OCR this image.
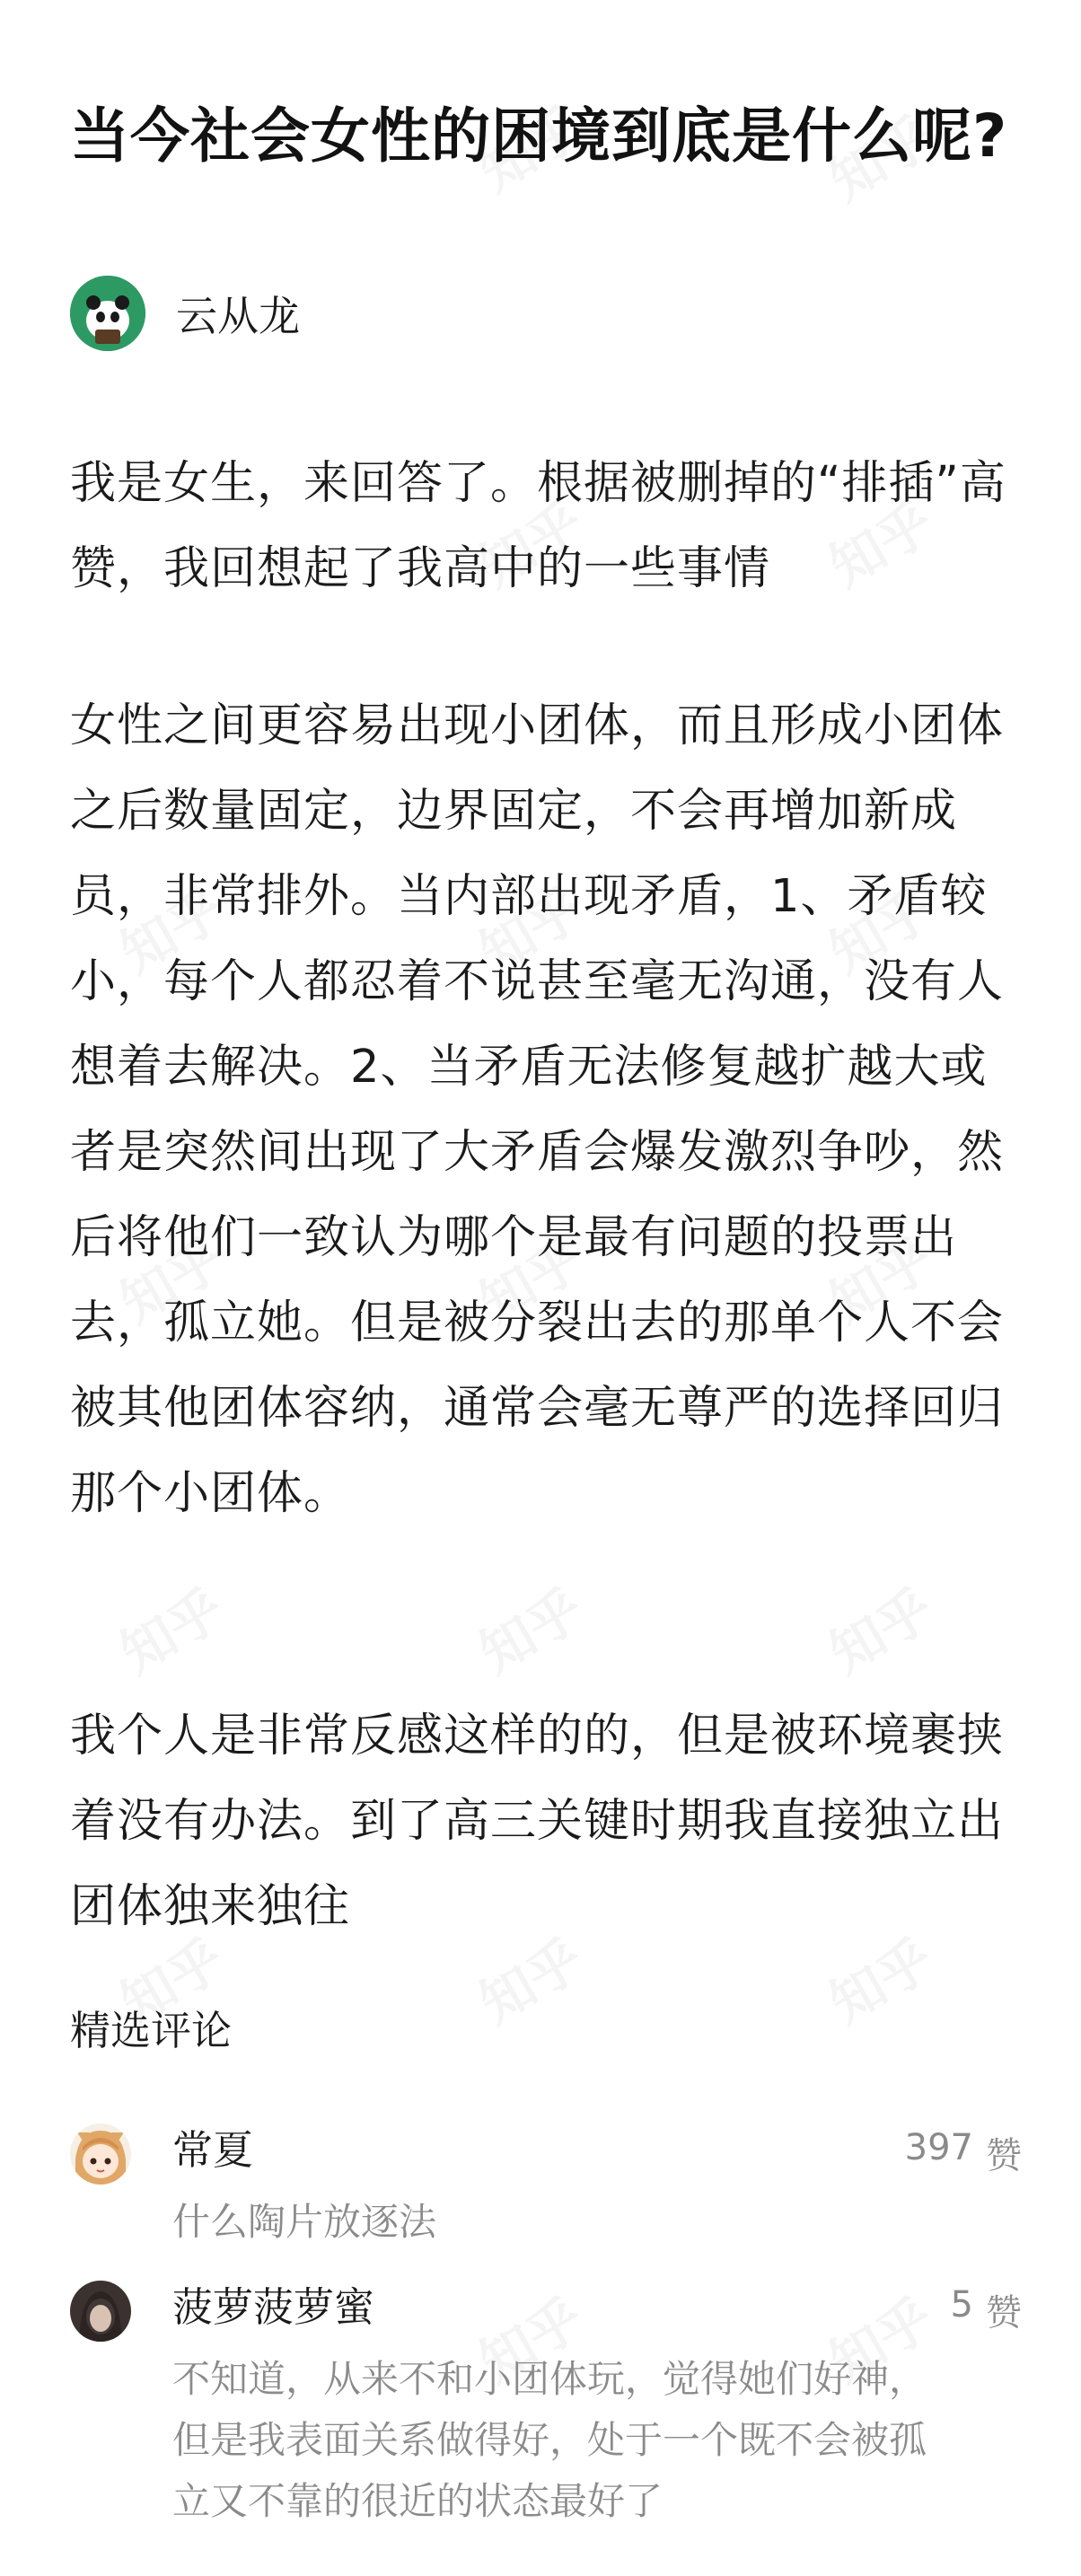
当今社会女性的困境到底是什么呢?
云从龙

我是女生，来回答了。根据被删掉的“排插”高赞，我回想起了我高中的一些事情

女性之间更容易出现小团体，而且形成小团体之后数量固定，边界固定，不会再增加新成员，非常排外。当内部出现矛盾，1、矛盾较小，每个人都忍着不说甚至毫无沟通，没有人想着去解决。2、当矛盾无法修复越扩越大或者是突然间出现了大矛盾会爆发激烈争吵，然后将他们一致认为哪个是最有问题的投票出去，孤立她。但是被分裂出去的那单个人不会被其他团体容纳，通常会毫无尊严的选择回归那个小团体。

我个人是非常反感这样的的，但是被环境裹挟着没有办法。到了高三关键时期我直接独立出团体独来独往

精选评论
常夏	397 赞
什么陶片放逐法
菠萝菠萝蜜	5 赞
不知道，从来不和小团体玩，觉得她们好神，但是我表面关系做得好，处于一个既不会被孤立又不靠的很近的状态最好了
